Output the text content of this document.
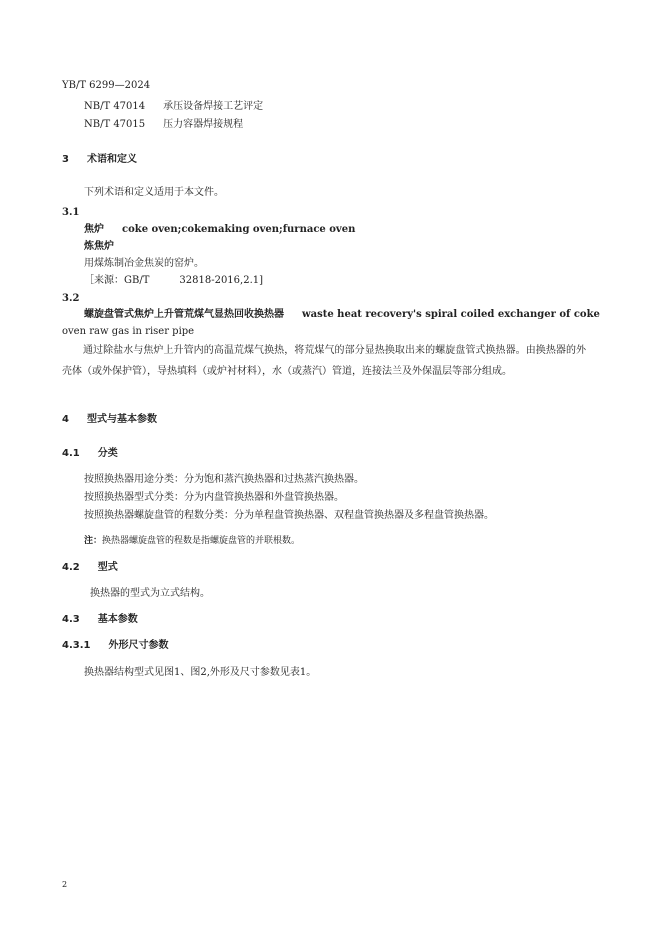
YB/T 6299—2024
NB/T 47014 承压设备焊接工艺评定
NB/T 47015 压力容器焊接规程
3 术语和定义
下列术语和定义适用于本文件。
3.1
焦炉 coke oven;cokemaking oven;furnace oven
炼焦炉
用煤炼制冶金焦炭的窑炉。
［来源：GB/T	32818-2016,2.1]
3.2
螺旋盘管式焦炉上升管荒煤气显热回收换热器 waste heat recovery's spiral coiled exchanger of coke
oven raw gas in riser pipe
通过除盐水与焦炉上升管内的高温荒煤气换热，将荒煤气的部分显热换取出来的螺旋盘管式换热器。由换热器的外壳体（或外保护管），导热填料（或炉衬材料），水（或蒸汽）管道，连接法兰及外保温层等部分组成。
4 型式与基本参数
4.1 分类
按照换热器用途分类：分为饱和蒸汽换热器和过热蒸汽换热器。
按照换热器型式分类：分为内盘管换热器和外盘管换热器。
按照换热器螺旋盘管的程数分类：分为单程盘管换热器、双程盘管换热器及多程盘管换热器。
注：换热器螺旋盘管的程数是指螺旋盘管的并联根数。
4.2 型式
换热器的型式为立式结构。
4.3 基本参数
4.3.1 外形尺寸参数
换热器结构型式见图1、图2,外形及尺寸参数见表1。
2
